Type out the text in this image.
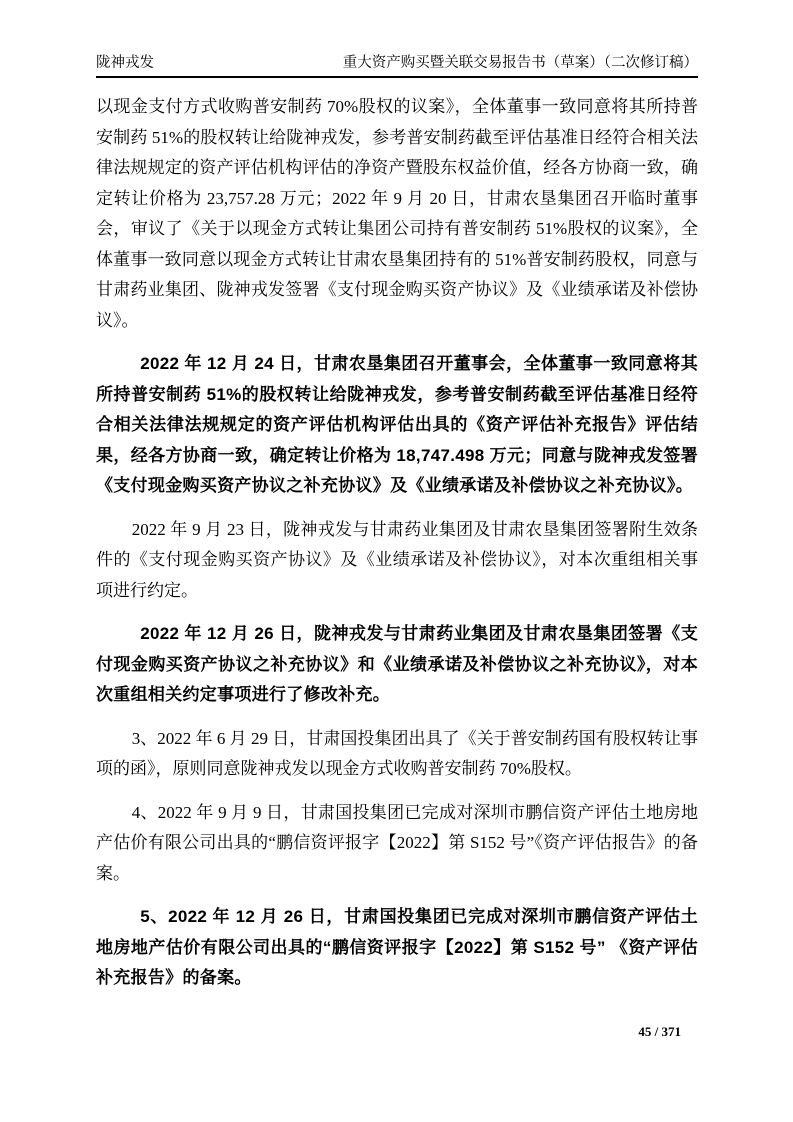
陇神戎发	重大资产购买暨关联交易报告书（草案）（二次修订稿）

以现金支付方式收购普安制药 70%股权的议案》，全体董事一致同意将其所持普安制药 51%的股权转让给陇神戎发，参考普安制药截至评估基准日经符合相关法律法规规定的资产评估机构评估的净资产暨股东权益价值，经各方协商一致，确定转让价格为 23,757.28 万元；2022 年 9 月 20 日，甘肃农垦集团召开临时董事会，审议了《关于以现金方式转让集团公司持有普安制药 51%股权的议案》，全体董事一致同意以现金方式转让甘肃农垦集团持有的 51%普安制药股权，同意与甘肃药业集团、陇神戎发签署《支付现金购买资产协议》及《业绩承诺及补偿协议》。

2022 年 12 月 24 日，甘肃农垦集团召开董事会，全体董事一致同意将其所持普安制药 51%的股权转让给陇神戎发，参考普安制药截至评估基准日经符合相关法律法规规定的资产评估机构评估出具的《资产评估补充报告》评估结果，经各方协商一致，确定转让价格为 18,747.498 万元；同意与陇神戎发签署《支付现金购买资产协议之补充协议》及《业绩承诺及补偿协议之补充协议》。

2022 年 9 月 23 日，陇神戎发与甘肃药业集团及甘肃农垦集团签署附生效条件的《支付现金购买资产协议》及《业绩承诺及补偿协议》，对本次重组相关事项进行约定。

2022 年 12 月 26 日，陇神戎发与甘肃药业集团及甘肃农垦集团签署《支付现金购买资产协议之补充协议》和《业绩承诺及补偿协议之补充协议》，对本次重组相关约定事项进行了修改补充。

3、2022 年 6 月 29 日，甘肃国投集团出具了《关于普安制药国有股权转让事项的函》，原则同意陇神戎发以现金方式收购普安制药 70%股权。

4、2022 年 9 月 9 日，甘肃国投集团已完成对深圳市鹏信资产评估土地房地产估价有限公司出具的“鹏信资评报字【2022】第 S152 号”《资产评估报告》的备案。

5、2022 年 12 月 26 日，甘肃国投集团已完成对深圳市鹏信资产评估土地房地产估价有限公司出具的“鹏信资评报字【2022】第 S152 号” 《资产评估补充报告》的备案。

45 / 371
